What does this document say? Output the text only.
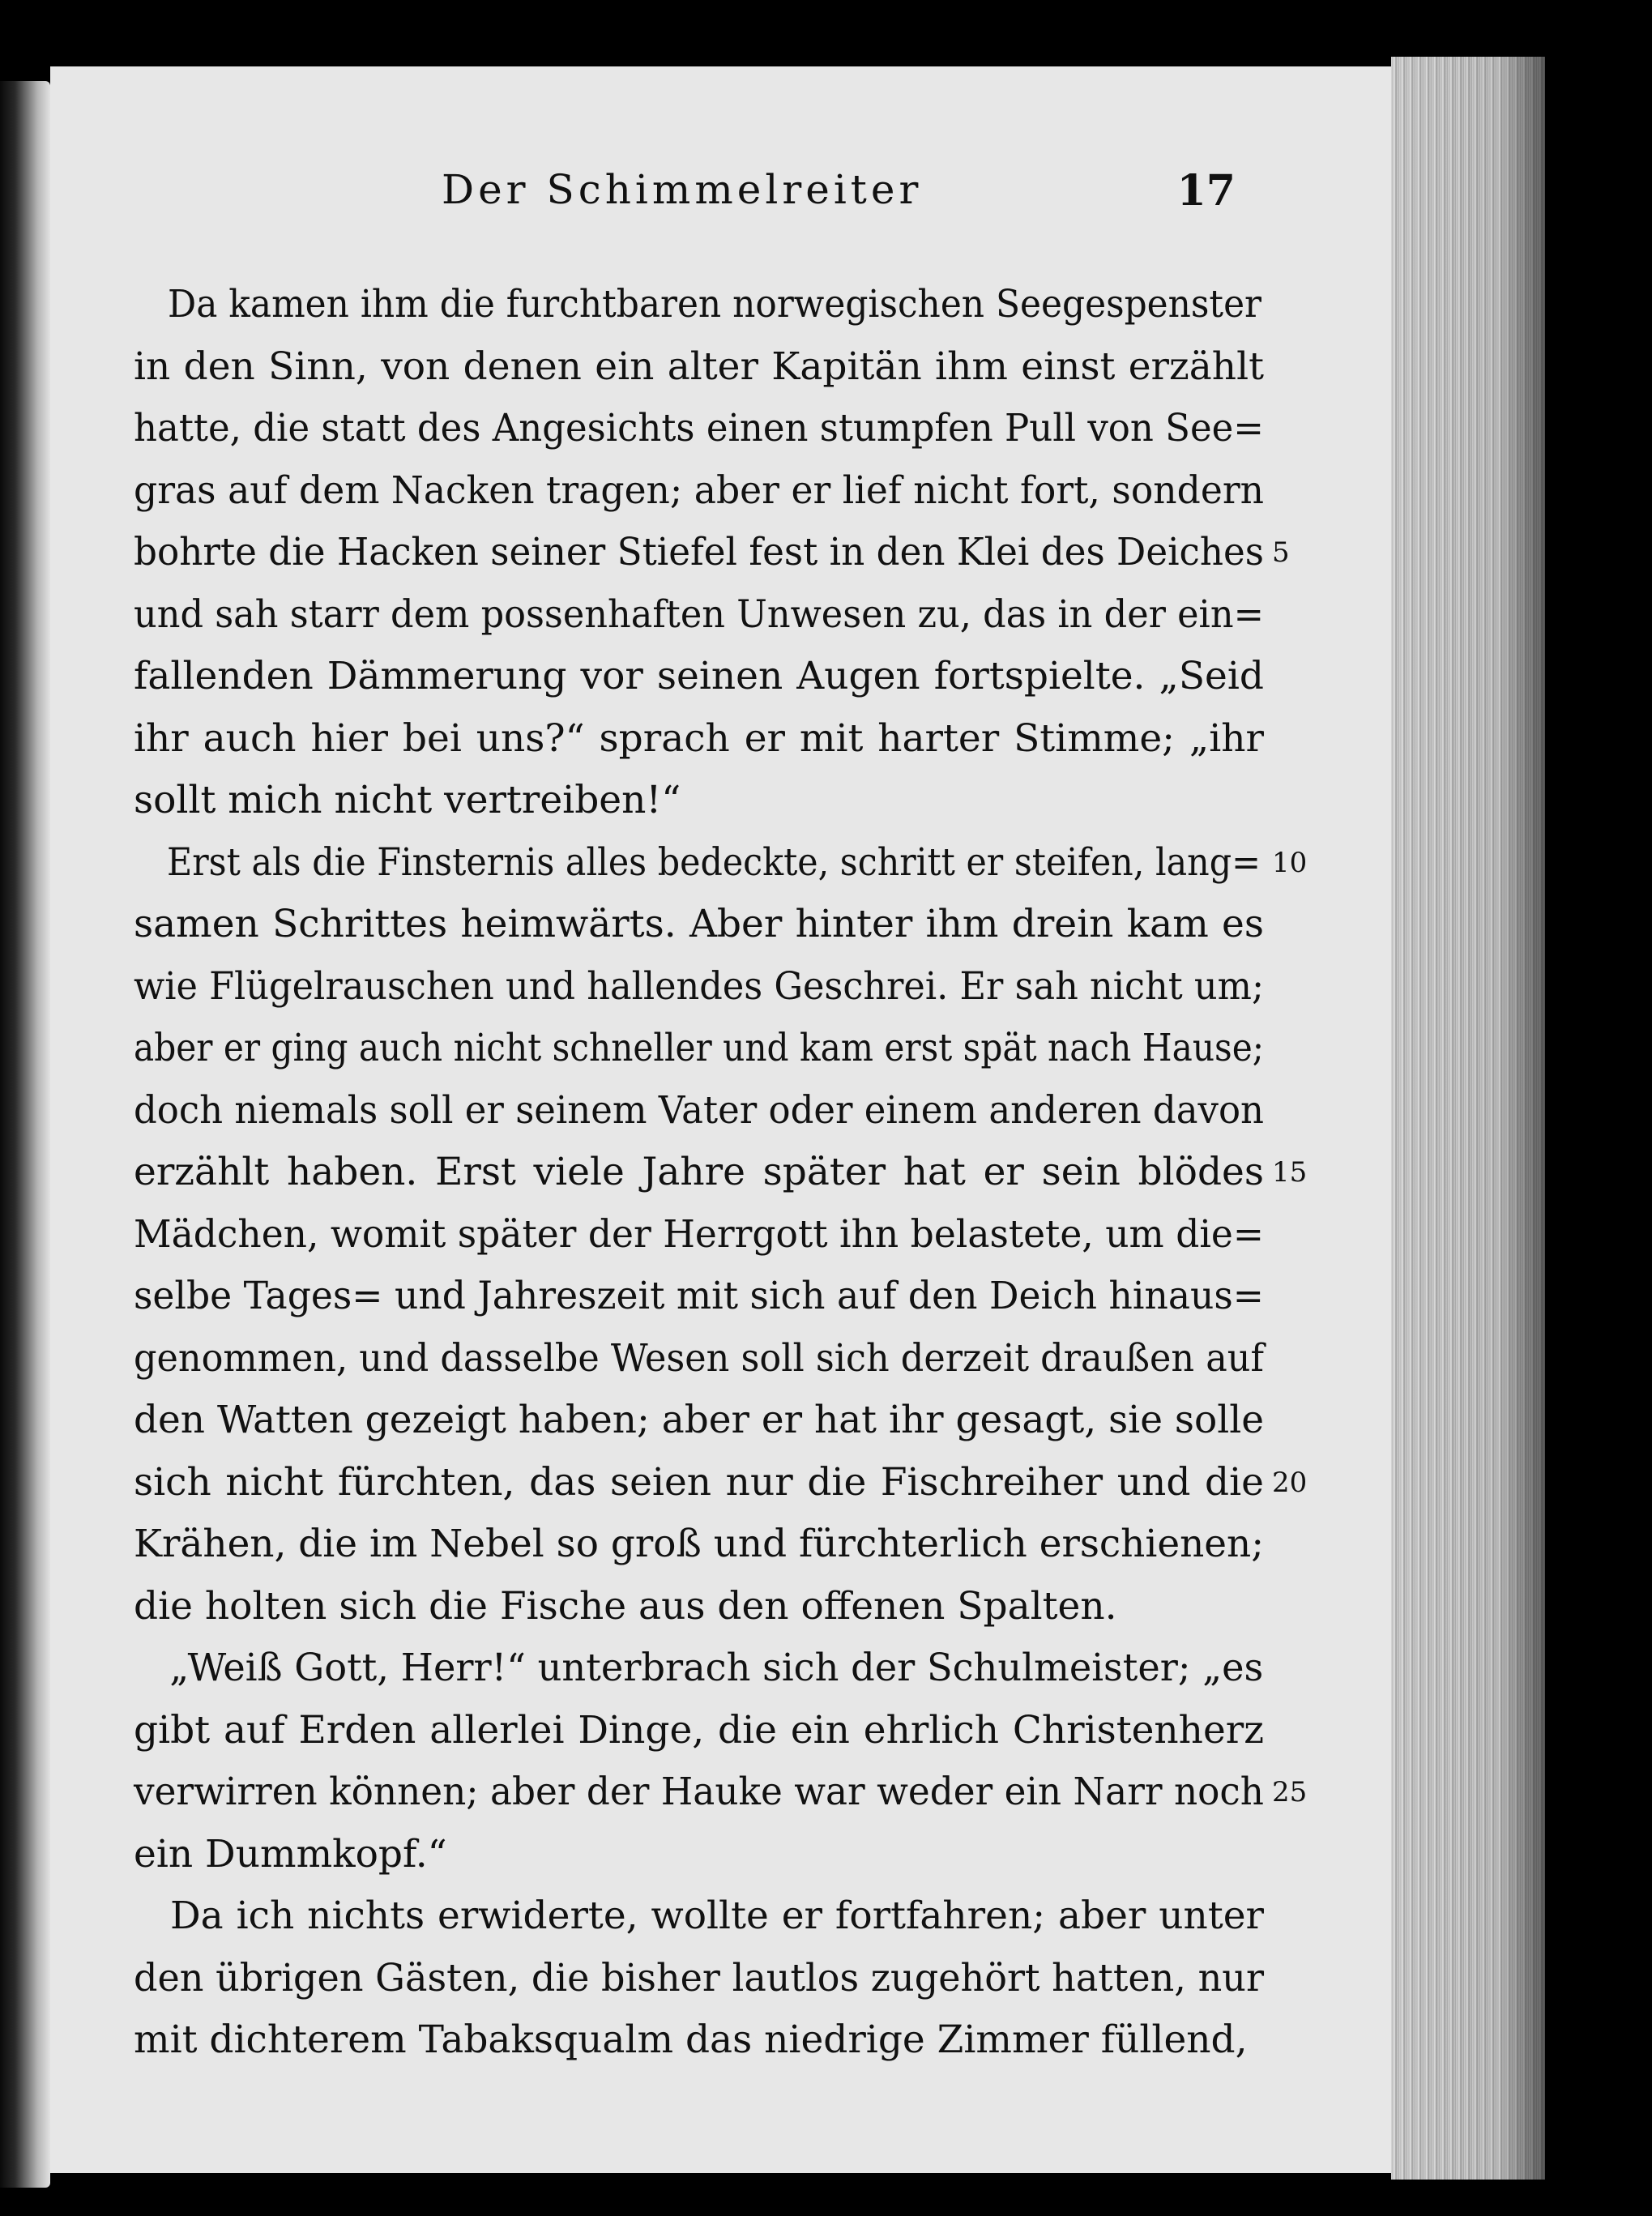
Der Schimmelreiter	17
Da kamen ihm die furchtbaren norwegischen Seegespenster
in den Sinn, von denen ein alter Kapitän ihm einst erzählt
hatte, die statt des Angesichts einen stumpfen Pull von See=
gras auf dem Nacken tragen; aber er lief nicht fort, sondern
5
bohrte die Hacken seiner Stiefel fest in den Klei des Deiches
und sah starr dem possenhaften Unwesen zu, das in der ein=
fallenden Dämmerung vor seinen Augen fortspielte. „Seid
ihr auch hier bei uns?“ sprach er mit harter Stimme; „ihr
sollt mich nicht vertreiben!“
10
Erst als die Finsternis alles bedeckte, schritt er steifen, lang=
samen Schrittes heimwärts. Aber hinter ihm drein kam es
wie Flügelrauschen und hallendes Geschrei. Er sah nicht um;
aber er ging auch nicht schneller und kam erst spät nach Hause;
doch niemals soll er seinem Vater oder einem anderen davon
15
erzählt haben. Erst viele Jahre später hat er sein blödes
Mädchen, womit später der Herrgott ihn belastete, um die=
selbe Tages= und Jahreszeit mit sich auf den Deich hinaus=
genommen, und dasselbe Wesen soll sich derzeit draußen auf
den Watten gezeigt haben; aber er hat ihr gesagt, sie solle
20
sich nicht fürchten, das seien nur die Fischreiher und die
Krähen, die im Nebel so groß und fürchterlich erschienen;
die holten sich die Fische aus den offenen Spalten.
„Weiß Gott, Herr!“ unterbrach sich der Schulmeister; „es
gibt auf Erden allerlei Dinge, die ein ehrlich Christenherz
25
verwirren können; aber der Hauke war weder ein Narr noch
ein Dummkopf.“
Da ich nichts erwiderte, wollte er fortfahren; aber unter
den übrigen Gästen, die bisher lautlos zugehört hatten, nur
mit dichterem Tabaksqualm das niedrige Zimmer füllend,
